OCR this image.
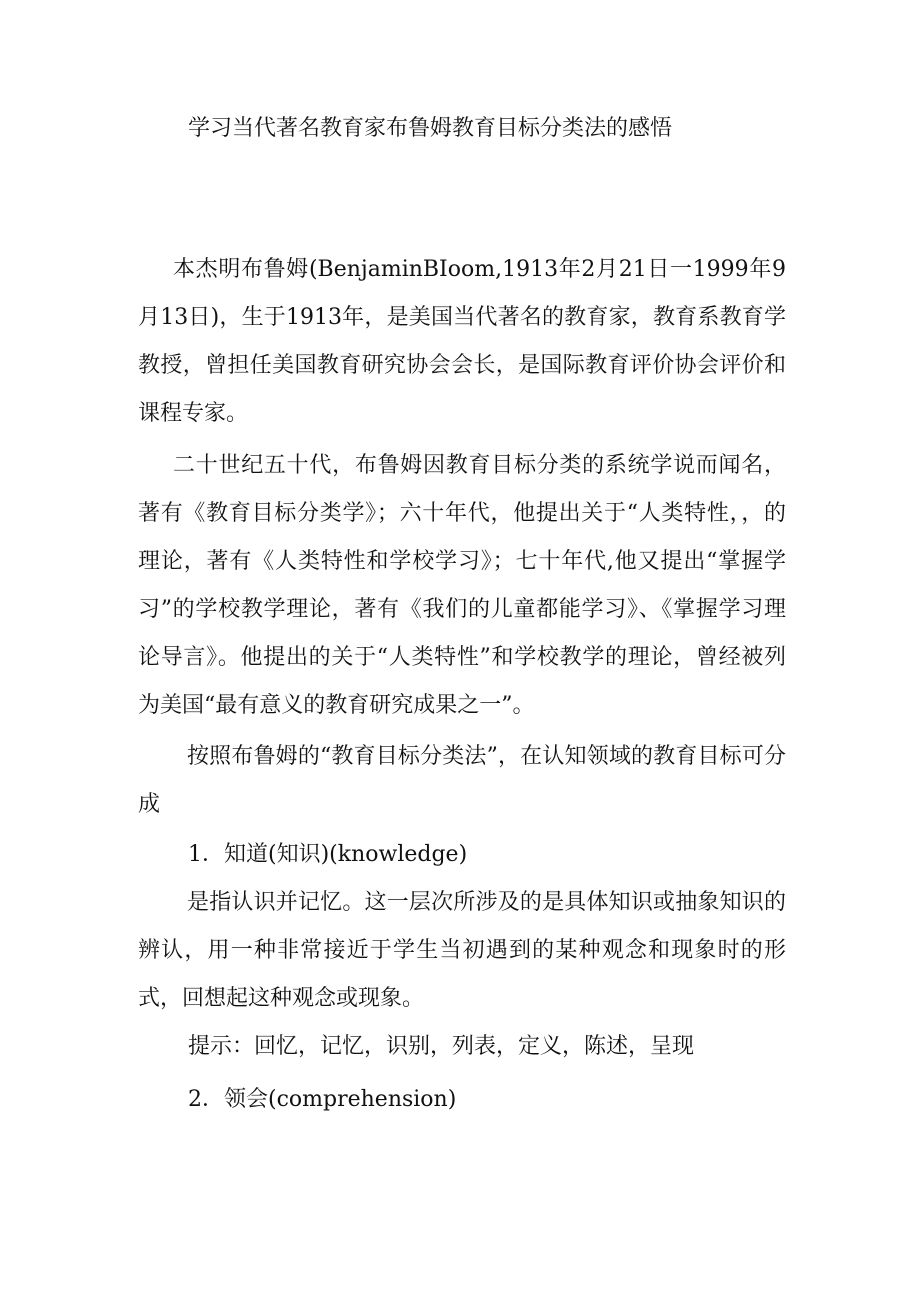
学习当代著名教育家布鲁姆教育目标分类法的感悟

本杰明布鲁姆(BenjaminBIoom,1913年2月21日一1999年9月13日)，生于1913年，是美国当代著名的教育家，教育系教育学教授，曾担任美国教育研究协会会长，是国际教育评价协会评价和课程专家。

二十世纪五十代，布鲁姆因教育目标分类的系统学说而闻名，著有《教育目标分类学》；六十年代，他提出关于“人类特性，，的理论，著有《人类特性和学校学习》；七十年代,他又提出“掌握学习”的学校教学理论，著有《我们的儿童都能学习》、《掌握学习理论导言》。他提出的关于“人类特性”和学校教学的理论，曾经被列为美国“最有意义的教育研究成果之一”。

按照布鲁姆的“教育目标分类法”，在认知领域的教育目标可分成

1．知道(知识)(knowledge)

是指认识并记忆。这一层次所涉及的是具体知识或抽象知识的辨认，用一种非常接近于学生当初遇到的某种观念和现象时的形式，回想起这种观念或现象。

提示：回忆，记忆，识别，列表，定义，陈述，呈现

2．领会(comprehension)
